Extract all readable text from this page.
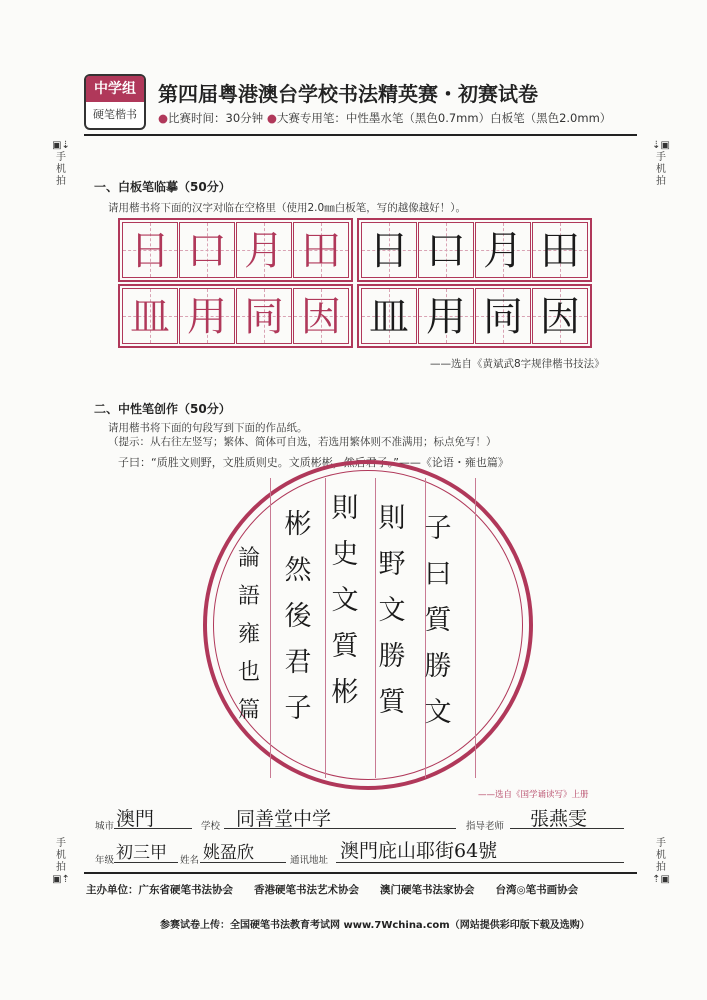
中学组
硬笔楷书
第四届粤港澳台学校书法精英赛・初赛试卷
●比赛时间：30分钟 ●大赛专用笔：中性墨水笔（黑色0.7mm）白板笔（黑色2.0mm）
▣⇣
手
机
拍
⇣▣
手
机
拍
手
机
拍
▣⇡
手
机
拍
⇡▣
一、白板笔临摹（50分）
请用楷书将下面的汉字对临在空格里（使用2.0㎜白板笔，写的越像越好！）。
日 口 月 田 日 口 月 田
皿 用 同 因 皿 用 同 因
——选自《黄斌武8字规律楷书技法》
二、中性笔创作（50分）
请用楷书将下面的句段写到下面的作品纸。
（提示：从右往左竖写；繁体、简体可自选，若选用繁体则不准满用；标点免写！）
子曰：“质胜文则野，文胜质则史。文质彬彬，然后君子。”——《论语・雍也篇》
子曰質勝文
則野文勝質
則史文質彬
彬然後君子
論語雍也篇
——选自《国学诵读写》上册
城市 澳門	学校 同善堂中学	指导老师 張燕雯
年级 初三甲 姓名 姚盈欣	通讯地址 澳門庇山耶街64號
主办单位：广东省硬笔书法协会　　香港硬笔书法艺术协会　　澳门硬笔书法家协会　　台湾◎笔书画协会
参赛试卷上传：全国硬笔书法教育考试网 www.7Wchina.com（网站提供彩印版下载及选购）
